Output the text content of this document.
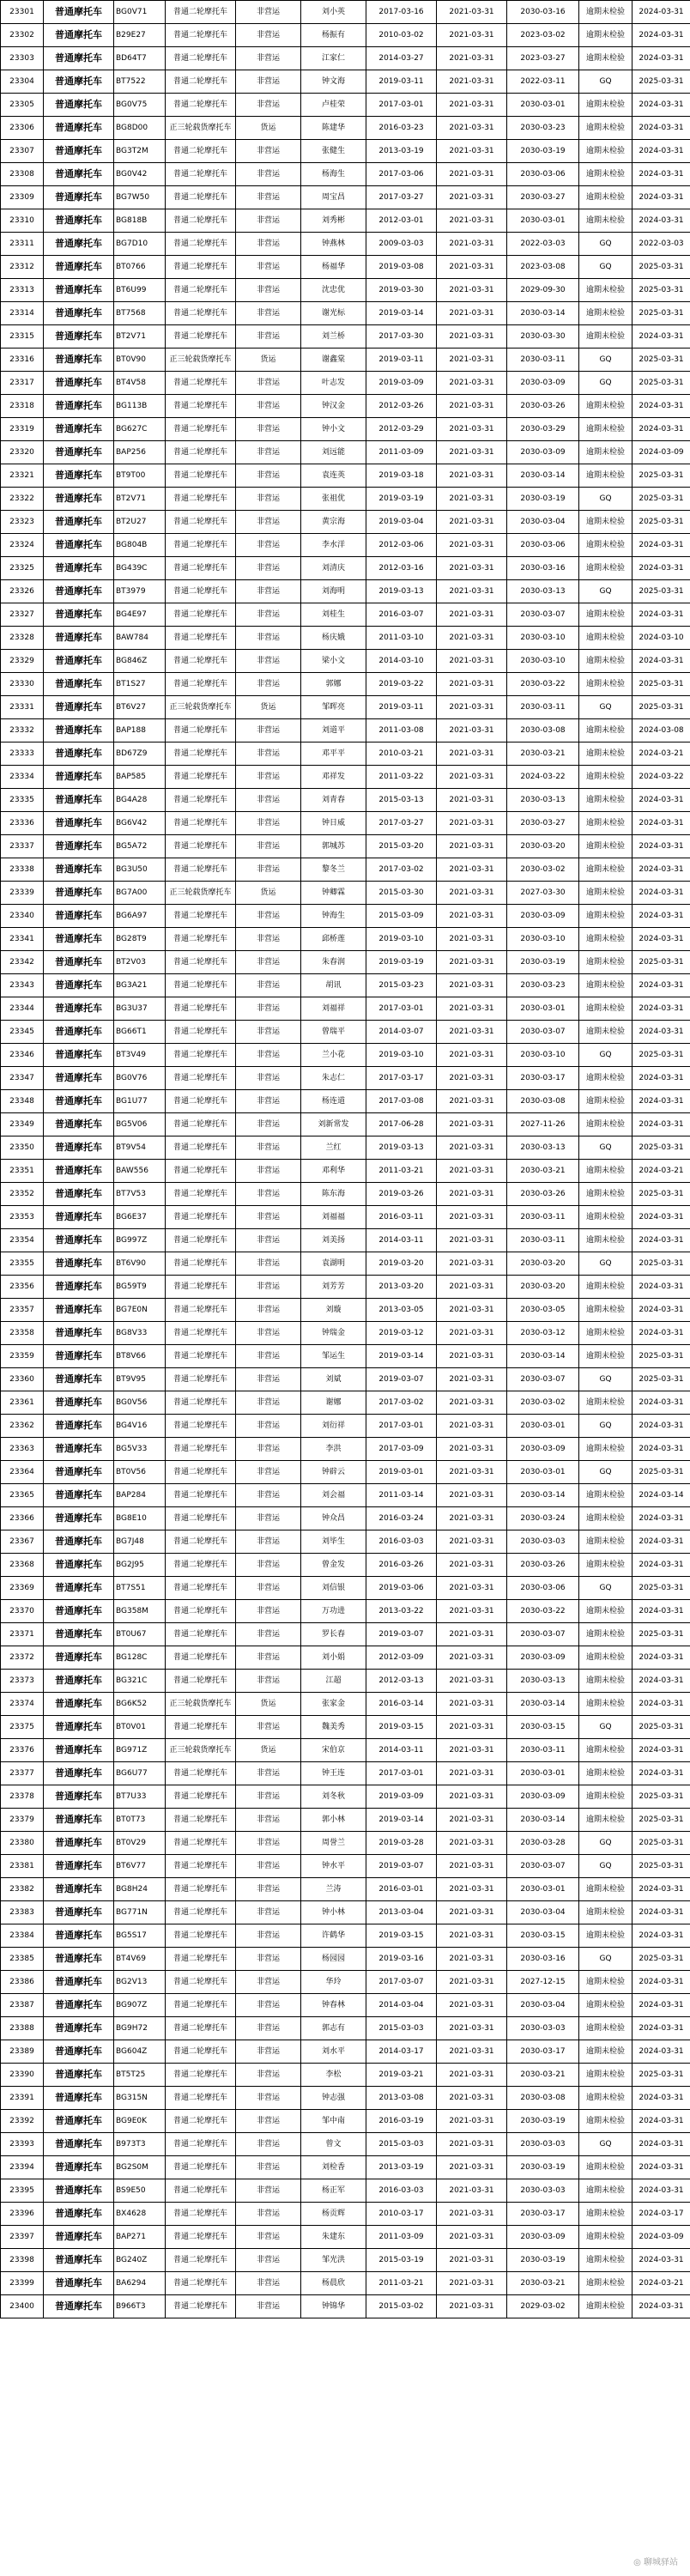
23301	普通摩托车	BG0V71	普通二轮摩托车	非营运	刘小英	2017-03-16	2021-03-31	2030-03-16	逾期未检验	2024-03-31
23302	普通摩托车	B29E27	普通二轮摩托车	非营运	杨振有	2010-03-02	2021-03-31	2023-03-02	逾期未检验	2024-03-31
23303	普通摩托车	BD64T7	普通二轮摩托车	非营运	江家仁	2014-03-27	2021-03-31	2023-03-27	逾期未检验	2024-03-31
23304	普通摩托车	BT7522	普通二轮摩托车	非营运	钟文海	2019-03-11	2021-03-31	2022-03-11	GQ	2025-03-31
23305	普通摩托车	BG0V75	普通二轮摩托车	非营运	卢桂荣	2017-03-01	2021-03-31	2030-03-01	逾期未检验	2024-03-31
23306	普通摩托车	BG8D00	正三轮载货摩托车	货运	陈建华	2016-03-23	2021-03-31	2030-03-23	逾期未检验	2024-03-31
23307	普通摩托车	BG3T2M	普通二轮摩托车	非营运	张健生	2013-03-19	2021-03-31	2030-03-19	逾期未检验	2024-03-31
23308	普通摩托车	BG0V42	普通二轮摩托车	非营运	杨海生	2017-03-06	2021-03-31	2030-03-06	逾期未检验	2024-03-31
23309	普通摩托车	BG7W50	普通二轮摩托车	非营运	周宝昌	2017-03-27	2021-03-31	2030-03-27	逾期未检验	2024-03-31
23310	普通摩托车	BG818B	普通二轮摩托车	非营运	刘秀彬	2012-03-01	2021-03-31	2030-03-01	逾期未检验	2024-03-31
23311	普通摩托车	BG7D10	普通二轮摩托车	非营运	钟燕林	2009-03-03	2021-03-31	2022-03-03	GQ	2022-03-03
23312	普通摩托车	BT0766	普通二轮摩托车	非营运	杨福华	2019-03-08	2021-03-31	2023-03-08	GQ	2025-03-31
23313	普通摩托车	BT6U99	普通二轮摩托车	非营运	沈忠优	2019-03-30	2021-03-31	2029-09-30	逾期未检验	2025-03-31
23314	普通摩托车	BT7568	普通二轮摩托车	非营运	谢光标	2019-03-14	2021-03-31	2030-03-14	逾期未检验	2025-03-31
23315	普通摩托车	BT2V71	普通二轮摩托车	非营运	刘兰桥	2017-03-30	2021-03-31	2030-03-30	逾期未检验	2024-03-31
23316	普通摩托车	BT0V90	正三轮载货摩托车	货运	谢鑫棠	2019-03-11	2021-03-31	2030-03-11	GQ	2025-03-31
23317	普通摩托车	BT4V58	普通二轮摩托车	非营运	叶志发	2019-03-09	2021-03-31	2030-03-09	GQ	2025-03-31
23318	普通摩托车	BG113B	普通二轮摩托车	非营运	钟汉金	2012-03-26	2021-03-31	2030-03-26	逾期未检验	2024-03-31
23319	普通摩托车	BG627C	普通二轮摩托车	非营运	钟小文	2012-03-29	2021-03-31	2030-03-29	逾期未检验	2024-03-31
23320	普通摩托车	BAP256	普通二轮摩托车	非营运	刘远能	2011-03-09	2021-03-31	2030-03-09	逾期未检验	2024-03-09
23321	普通摩托车	BT9T00	普通二轮摩托车	非营运	袁连英	2019-03-18	2021-03-31	2030-03-14	逾期未检验	2025-03-31
23322	普通摩托车	BT2V71	普通二轮摩托车	非营运	张祖优	2019-03-19	2021-03-31	2030-03-19	GQ	2025-03-31
23323	普通摩托车	BT2U27	普通二轮摩托车	非营运	黄宗海	2019-03-04	2021-03-31	2030-03-04	逾期未检验	2025-03-31
23324	普通摩托车	BG804B	普通二轮摩托车	非营运	李水洋	2012-03-06	2021-03-31	2030-03-06	逾期未检验	2024-03-31
23325	普通摩托车	BG439C	普通二轮摩托车	非营运	刘清庆	2012-03-16	2021-03-31	2030-03-16	逾期未检验	2024-03-31
23326	普通摩托车	BT3979	普通二轮摩托车	非营运	刘海明	2019-03-13	2021-03-31	2030-03-13	GQ	2025-03-31
23327	普通摩托车	BG4E97	普通二轮摩托车	非营运	刘桂生	2016-03-07	2021-03-31	2030-03-07	逾期未检验	2024-03-31
23328	普通摩托车	BAW784	普通二轮摩托车	非营运	杨庆娥	2011-03-10	2021-03-31	2030-03-10	逾期未检验	2024-03-10
23329	普通摩托车	BG846Z	普通二轮摩托车	非营运	梁小文	2014-03-10	2021-03-31	2030-03-10	逾期未检验	2024-03-31
23330	普通摩托车	BT1S27	普通二轮摩托车	非营运	郭娜	2019-03-22	2021-03-31	2030-03-22	逾期未检验	2025-03-31
23331	普通摩托车	BT6V27	正三轮载货摩托车	货运	邹晖亮	2019-03-11	2021-03-31	2030-03-11	GQ	2025-03-31
23332	普通摩托车	BAP188	普通二轮摩托车	非营运	刘道平	2011-03-08	2021-03-31	2030-03-08	逾期未检验	2024-03-08
23333	普通摩托车	BD67Z9	普通二轮摩托车	非营运	邓平平	2010-03-21	2021-03-31	2030-03-21	逾期未检验	2024-03-21
23334	普通摩托车	BAP585	普通二轮摩托车	非营运	邓祥发	2011-03-22	2021-03-31	2024-03-22	逾期未检验	2024-03-22
23335	普通摩托车	BG4A28	普通二轮摩托车	非营运	刘青春	2015-03-13	2021-03-31	2030-03-13	逾期未检验	2024-03-31
23336	普通摩托车	BG6V42	普通二轮摩托车	非营运	钟日威	2017-03-27	2021-03-31	2030-03-27	逾期未检验	2024-03-31
23337	普通摩托车	BG5A72	普通二轮摩托车	非营运	郭城苏	2015-03-20	2021-03-31	2030-03-20	逾期未检验	2024-03-31
23338	普通摩托车	BG3U50	普通二轮摩托车	非营运	黎冬兰	2017-03-02	2021-03-31	2030-03-02	逾期未检验	2024-03-31
23339	普通摩托车	BG7A00	正三轮载货摩托车	货运	钟卿霖	2015-03-30	2021-03-31	2027-03-30	逾期未检验	2024-03-31
23340	普通摩托车	BG6A97	普通二轮摩托车	非营运	钟海生	2015-03-09	2021-03-31	2030-03-09	逾期未检验	2024-03-31
23341	普通摩托车	BG28T9	普通二轮摩托车	非营运	邱桥莲	2019-03-10	2021-03-31	2030-03-10	逾期未检验	2024-03-31
23342	普通摩托车	BT2V03	普通二轮摩托车	非营运	朱春润	2019-03-19	2021-03-31	2030-03-19	逾期未检验	2025-03-31
23343	普通摩托车	BG3A21	普通二轮摩托车	非营运	胡讯	2015-03-23	2021-03-31	2030-03-23	逾期未检验	2024-03-31
23344	普通摩托车	BG3U37	普通二轮摩托车	非营运	刘福祥	2017-03-01	2021-03-31	2030-03-01	逾期未检验	2024-03-31
23345	普通摩托车	BG66T1	普通二轮摩托车	非营运	曾瑞平	2014-03-07	2021-03-31	2030-03-07	逾期未检验	2024-03-31
23346	普通摩托车	BT3V49	普通二轮摩托车	非营运	兰小花	2019-03-10	2021-03-31	2030-03-10	GQ	2025-03-31
23347	普通摩托车	BG0V76	普通二轮摩托车	非营运	朱志仁	2017-03-17	2021-03-31	2030-03-17	逾期未检验	2024-03-31
23348	普通摩托车	BG1U77	普通二轮摩托车	非营运	杨连道	2017-03-08	2021-03-31	2030-03-08	逾期未检验	2024-03-31
23349	普通摩托车	BG5V06	普通二轮摩托车	非营运	刘新常发	2017-06-28	2021-03-31	2027-11-26	逾期未检验	2024-03-31
23350	普通摩托车	BT9V54	普通二轮摩托车	非营运	兰红	2019-03-13	2021-03-31	2030-03-13	GQ	2025-03-31
23351	普通摩托车	BAW556	普通二轮摩托车	非营运	邓利华	2011-03-21	2021-03-31	2030-03-21	逾期未检验	2024-03-21
23352	普通摩托车	BT7V53	普通二轮摩托车	非营运	陈东海	2019-03-26	2021-03-31	2030-03-26	逾期未检验	2025-03-31
23353	普通摩托车	BG6E37	普通二轮摩托车	非营运	刘福福	2016-03-11	2021-03-31	2030-03-11	逾期未检验	2024-03-31
23354	普通摩托车	BG997Z	普通二轮摩托车	非营运	刘美扬	2014-03-11	2021-03-31	2030-03-11	逾期未检验	2024-03-31
23355	普通摩托车	BT6V90	普通二轮摩托车	非营运	袁湖明	2019-03-20	2021-03-31	2030-03-20	GQ	2025-03-31
23356	普通摩托车	BG59T9	普通二轮摩托车	非营运	刘芳芳	2013-03-20	2021-03-31	2030-03-20	逾期未检验	2024-03-31
23357	普通摩托车	BG7E0N	普通二轮摩托车	非营运	刘璇	2013-03-05	2021-03-31	2030-03-05	逾期未检验	2024-03-31
23358	普通摩托车	BG8V33	普通二轮摩托车	非营运	钟瑞金	2019-03-12	2021-03-31	2030-03-12	逾期未检验	2024-03-31
23359	普通摩托车	BT8V66	普通二轮摩托车	非营运	邹运生	2019-03-14	2021-03-31	2030-03-14	逾期未检验	2025-03-31
23360	普通摩托车	BT9V95	普通二轮摩托车	非营运	刘斌	2019-03-07	2021-03-31	2030-03-07	GQ	2025-03-31
23361	普通摩托车	BG0V56	普通二轮摩托车	非营运	谢娜	2017-03-02	2021-03-31	2030-03-02	逾期未检验	2024-03-31
23362	普通摩托车	BG4V16	普通二轮摩托车	非营运	刘衍祥	2017-03-01	2021-03-31	2030-03-01	GQ	2024-03-31
23363	普通摩托车	BG5V33	普通二轮摩托车	非营运	李洪	2017-03-09	2021-03-31	2030-03-09	逾期未检验	2024-03-31
23364	普通摩托车	BT0V56	普通二轮摩托车	非营运	钟辟云	2019-03-01	2021-03-31	2030-03-01	GQ	2025-03-31
23365	普通摩托车	BAP284	普通二轮摩托车	非营运	刘会福	2011-03-14	2021-03-31	2030-03-14	逾期未检验	2024-03-14
23366	普通摩托车	BG8E10	普通二轮摩托车	非营运	钟众昌	2016-03-24	2021-03-31	2030-03-24	逾期未检验	2024-03-31
23367	普通摩托车	BG7J48	普通二轮摩托车	非营运	刘毕生	2016-03-03	2021-03-31	2030-03-03	逾期未检验	2024-03-31
23368	普通摩托车	BG2J95	普通二轮摩托车	非营运	曾金发	2016-03-26	2021-03-31	2030-03-26	逾期未检验	2024-03-31
23369	普通摩托车	BT7S51	普通二轮摩托车	非营运	刘信银	2019-03-06	2021-03-31	2030-03-06	GQ	2025-03-31
23370	普通摩托车	BG358M	普通二轮摩托车	非营运	万功进	2013-03-22	2021-03-31	2030-03-22	逾期未检验	2024-03-31
23371	普通摩托车	BT0U67	普通二轮摩托车	非营运	罗长春	2019-03-07	2021-03-31	2030-03-07	逾期未检验	2025-03-31
23372	普通摩托车	BG128C	普通二轮摩托车	非营运	刘小娟	2012-03-09	2021-03-31	2030-03-09	逾期未检验	2024-03-31
23373	普通摩托车	BG321C	普通二轮摩托车	非营运	江超	2012-03-13	2021-03-31	2030-03-13	逾期未检验	2024-03-31
23374	普通摩托车	BG6K52	正三轮载货摩托车	货运	张家金	2016-03-14	2021-03-31	2030-03-14	逾期未检验	2024-03-31
23375	普通摩托车	BT0V01	普通二轮摩托车	非营运	魏美秀	2019-03-15	2021-03-31	2030-03-15	GQ	2025-03-31
23376	普通摩托车	BG971Z	正三轮载货摩托车	货运	宋伯京	2014-03-11	2021-03-31	2030-03-11	逾期未检验	2024-03-31
23377	普通摩托车	BG6U77	普通二轮摩托车	非营运	钟王连	2017-03-01	2021-03-31	2030-03-01	逾期未检验	2024-03-31
23378	普通摩托车	BT7U33	普通二轮摩托车	非营运	刘冬秋	2019-03-09	2021-03-31	2030-03-09	逾期未检验	2025-03-31
23379	普通摩托车	BT0T73	普通二轮摩托车	非营运	郭小林	2019-03-14	2021-03-31	2030-03-14	逾期未检验	2025-03-31
23380	普通摩托车	BT0V29	普通二轮摩托车	非营运	周誉兰	2019-03-28	2021-03-31	2030-03-28	GQ	2025-03-31
23381	普通摩托车	BT6V77	普通二轮摩托车	非营运	钟水平	2019-03-07	2021-03-31	2030-03-07	GQ	2025-03-31
23382	普通摩托车	BG8H24	普通二轮摩托车	非营运	兰涛	2016-03-01	2021-03-31	2030-03-01	逾期未检验	2024-03-31
23383	普通摩托车	BG771N	普通二轮摩托车	非营运	钟小林	2013-03-04	2021-03-31	2030-03-04	逾期未检验	2024-03-31
23384	普通摩托车	BG5S17	普通二轮摩托车	非营运	许鹤华	2019-03-15	2021-03-31	2030-03-15	逾期未检验	2024-03-31
23385	普通摩托车	BT4V69	普通二轮摩托车	非营运	杨园园	2019-03-16	2021-03-31	2030-03-16	GQ	2025-03-31
23386	普通摩托车	BG2V13	普通二轮摩托车	非营运	华玲	2017-03-07	2021-03-31	2027-12-15	逾期未检验	2024-03-31
23387	普通摩托车	BG907Z	普通二轮摩托车	非营运	钟春林	2014-03-04	2021-03-31	2030-03-04	逾期未检验	2024-03-31
23388	普通摩托车	BG9H72	普通二轮摩托车	非营运	郭志有	2015-03-03	2021-03-31	2030-03-03	逾期未检验	2024-03-31
23389	普通摩托车	BG604Z	普通二轮摩托车	非营运	刘水平	2014-03-17	2021-03-31	2030-03-17	逾期未检验	2024-03-31
23390	普通摩托车	BT5T25	普通二轮摩托车	非营运	李松	2019-03-21	2021-03-31	2030-03-21	逾期未检验	2025-03-31
23391	普通摩托车	BG315N	普通二轮摩托车	非营运	钟志强	2013-03-08	2021-03-31	2030-03-08	逾期未检验	2024-03-31
23392	普通摩托车	BG9E0K	普通二轮摩托车	非营运	邹中南	2016-03-19	2021-03-31	2030-03-19	逾期未检验	2024-03-31
23393	普通摩托车	B973T3	普通二轮摩托车	非营运	曾文	2015-03-03	2021-03-31	2030-03-03	GQ	2024-03-31
23394	普通摩托车	BG2S0M	普通二轮摩托车	非营运	刘检香	2013-03-19	2021-03-31	2030-03-19	逾期未检验	2024-03-31
23395	普通摩托车	BS9E50	普通二轮摩托车	非营运	杨正军	2016-03-03	2021-03-31	2030-03-03	逾期未检验	2024-03-31
23396	普通摩托车	BX4628	普通二轮摩托车	非营运	杨贡辉	2010-03-17	2021-03-31	2030-03-17	逾期未检验	2024-03-17
23397	普通摩托车	BAP271	普通二轮摩托车	非营运	朱建东	2011-03-09	2021-03-31	2030-03-09	逾期未检验	2024-03-09
23398	普通摩托车	BG240Z	普通二轮摩托车	非营运	邹光洪	2015-03-19	2021-03-31	2030-03-19	逾期未检验	2024-03-31
23399	普通摩托车	BA6294	普通二轮摩托车	非营运	杨晨欣	2011-03-21	2021-03-31	2030-03-21	逾期未检验	2024-03-21
23400	普通摩托车	B966T3	普通二轮摩托车	非营运	钟锦华	2015-03-02	2021-03-31	2029-03-02	逾期未检验	2024-03-31
◎ 聊城驿站
